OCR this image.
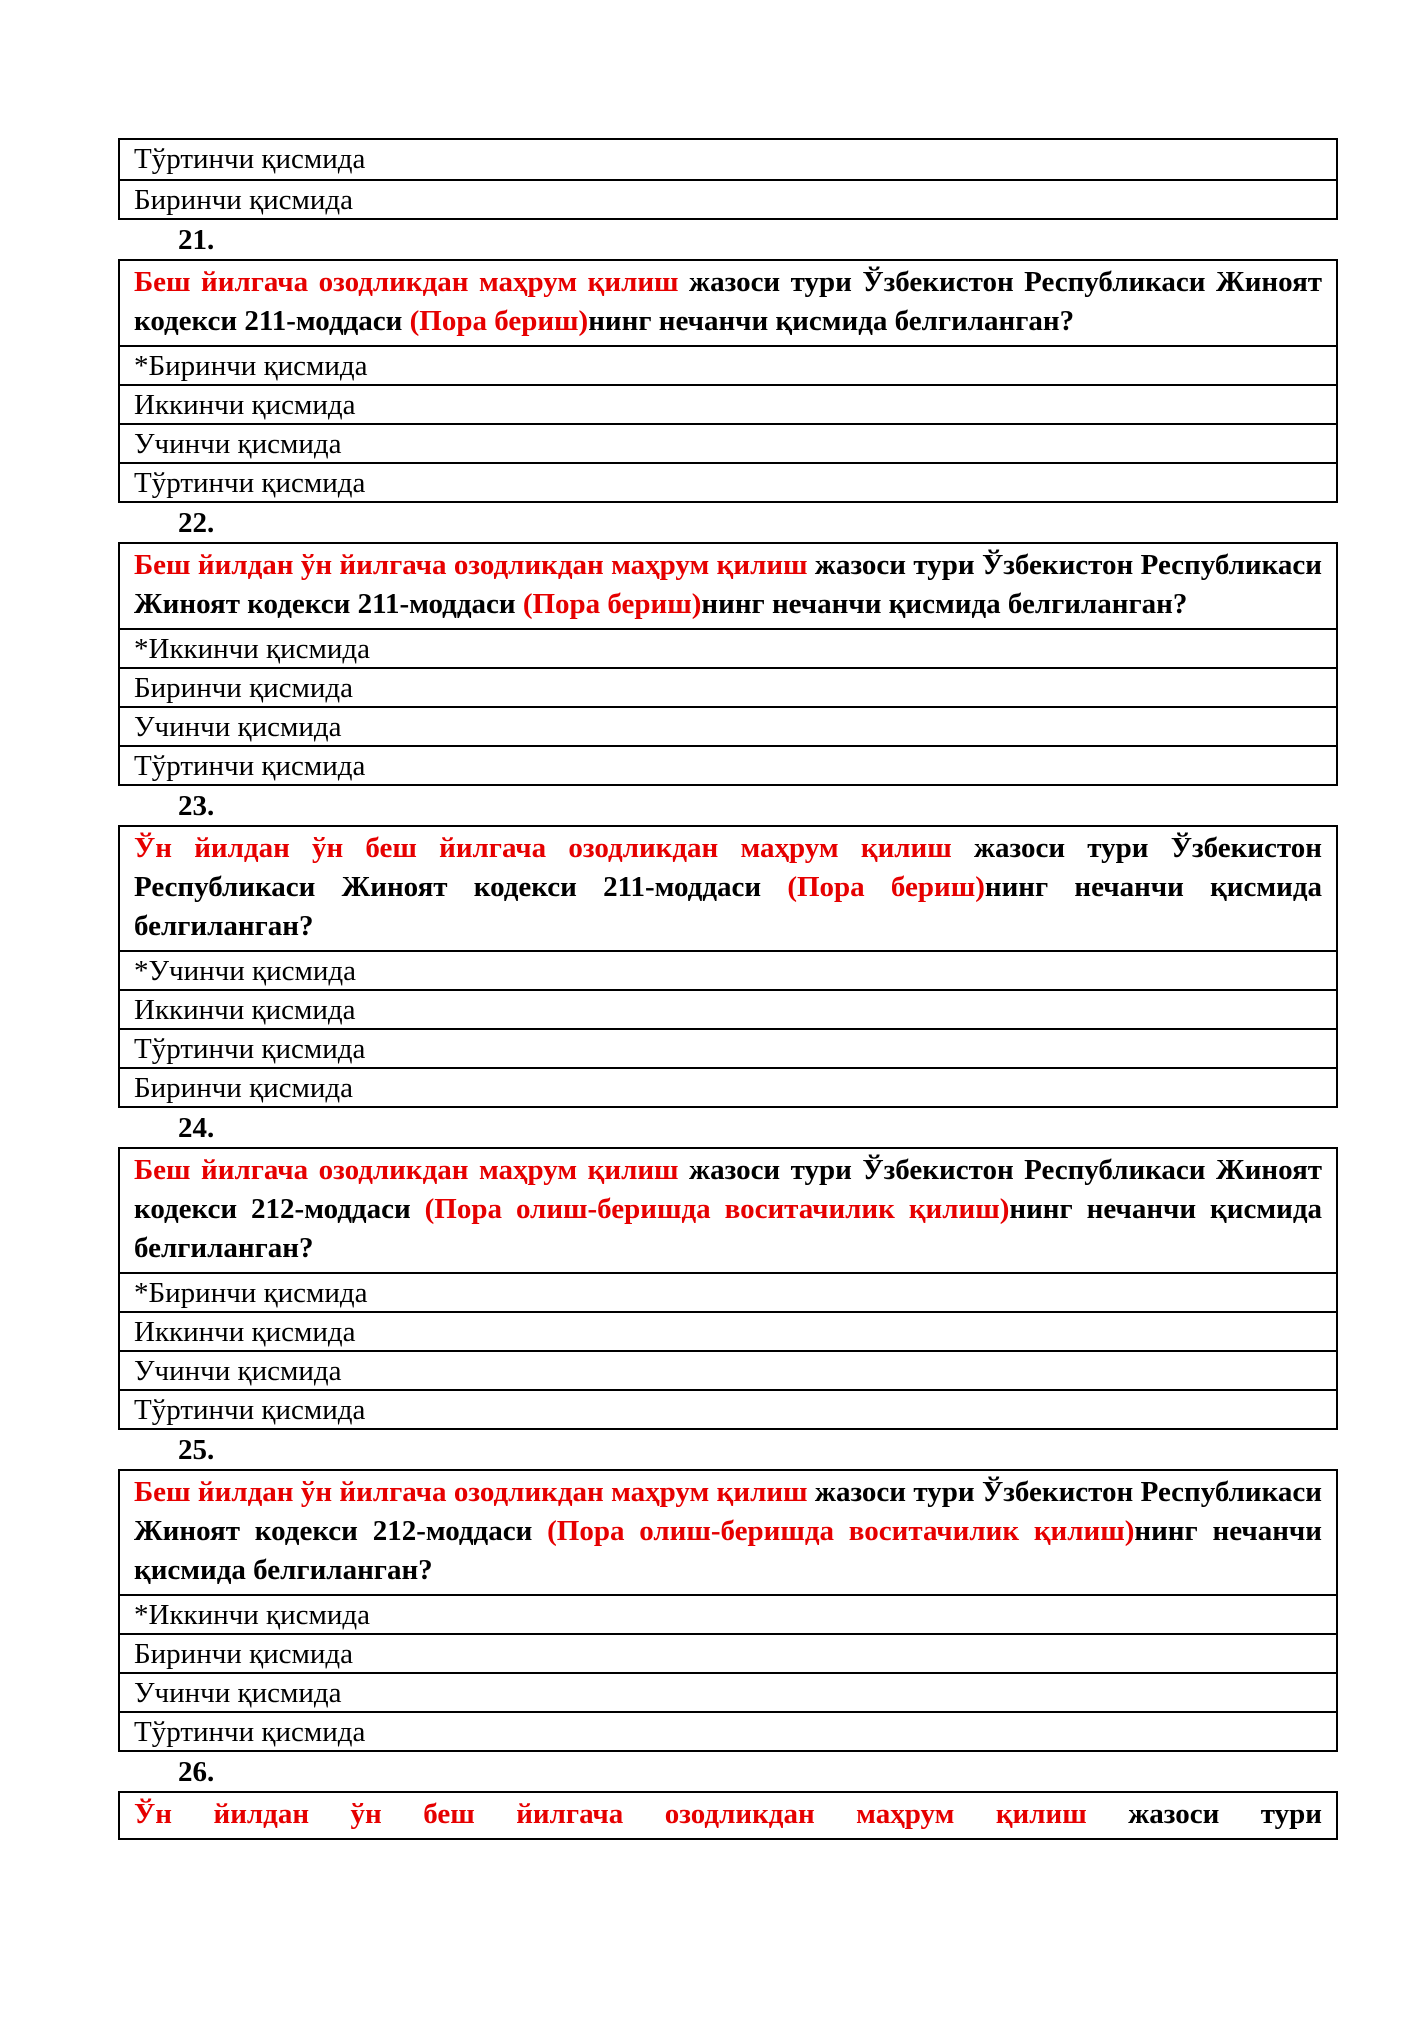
Тўртинчи қисмида
Биринчи қисмида
21.
Беш йилгача озодликдан маҳрум қилиш жазоси тури Ўзбекистон Республикаси Жиноят кодекси 211-моддаси (Пора бериш)нинг нечанчи қисмида белгиланган?
*Биринчи қисмида
Иккинчи қисмида
Учинчи қисмида
Тўртинчи қисмида
22.
Беш йилдан ўн йилгача озодликдан маҳрум қилиш жазоси тури Ўзбекистон Республикаси Жиноят кодекси 211-моддаси (Пора бериш)нинг нечанчи қисмида белгиланган?
*Иккинчи қисмида
Биринчи қисмида
Учинчи қисмида
Тўртинчи қисмида
23.
Ўн йилдан ўн беш йилгача озодликдан маҳрум қилиш жазоси тури Ўзбекистон Республикаси Жиноят кодекси 211-моддаси (Пора бериш)нинг нечанчи қисмида белгиланган?
*Учинчи қисмида
Иккинчи қисмида
Тўртинчи қисмида
Биринчи қисмида
24.
Беш йилгача озодликдан маҳрум қилиш жазоси тури Ўзбекистон Республикаси Жиноят кодекси 212-моддаси (Пора олиш-беришда воситачилик қилиш)нинг нечанчи қисмида белгиланган?
*Биринчи қисмида
Иккинчи қисмида
Учинчи қисмида
Тўртинчи қисмида
25.
Беш йилдан ўн йилгача озодликдан маҳрум қилиш жазоси тури Ўзбекистон Республикаси Жиноят кодекси 212-моддаси (Пора олиш-беришда воситачилик қилиш)нинг нечанчи қисмида белгиланган?
*Иккинчи қисмида
Биринчи қисмида
Учинчи қисмида
Тўртинчи қисмида
26.
Ўн йилдан ўн беш йилгача озодликдан маҳрум қилиш жазоси тури
